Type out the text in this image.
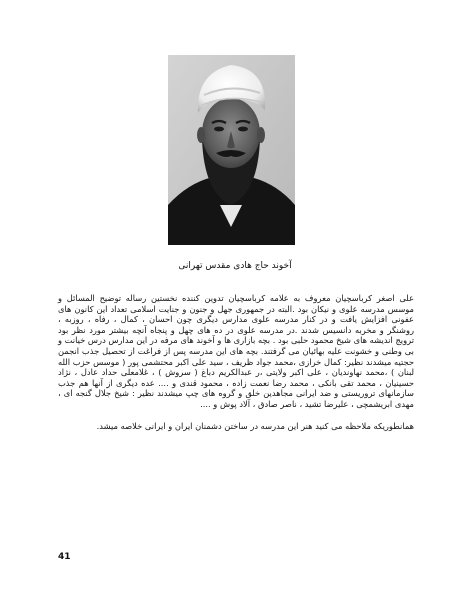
آخوند حاج هادی مقدس تهرانی

علی اصغر کرباسچیان معروف به علامه کرباسچیان تدوین کننده نخستین رساله توضیح المسائل و موسس مدرسه علوی و نیکان بود .البته در جمهوری جهل و جنون و جنایت اسلامی تعداد این کانون های عفونی افزایش یافت و در کنار مدرسه علوی مدارس دیگری چون احسان ، کمال ، رفاه ، روزبه ، روشنگر و مخربه دانسیس شدند .در مدرسه علوی در ده های چهل و پنجاه آنچه بیشتر مورد نظر بود ترویج اندیشه های شیخ محمود حلبی بود . بچه بازاری ها و آخوند های مرفه در این مدارس درس خیانت و بی وطنی و خشونت علیه بهائیان می گرفتند. بچه های این مدرسه پس از فراغت از تحصیل جذب انجمن حجتیه میشدند نظیر: کمال خرازی ،محمد جواد ظریف ، سید علی اکبر محتشمی پور ( موسس حزب الله لبنان ) ،محمد نهاوندیان ، علی اکبر ولایتی ،ر عبدالکریم دباغ ( سروش ) ، غلامعلی حداد عادل ، نژاد حسینیان ، محمد تقی بانکی ، محمد رضا نعمت زاده ، محمود قندی و .... عده دیگری از آنها هم جذب سازمانهای تروریستی و ضد ایرانی مجاهدین خلق و گروه های چپ میشدند نظیر : شیخ جلال گنجه ای ، مهدی ابریشمچی ، علیرضا تشید ، ناصر صادق ، آلاد پوش و ....

همانطوریکه ملاحظه می کنید هنر این مدرسه در ساختن دشمنان ایران و ایرانی خلاصه میشد.

41
